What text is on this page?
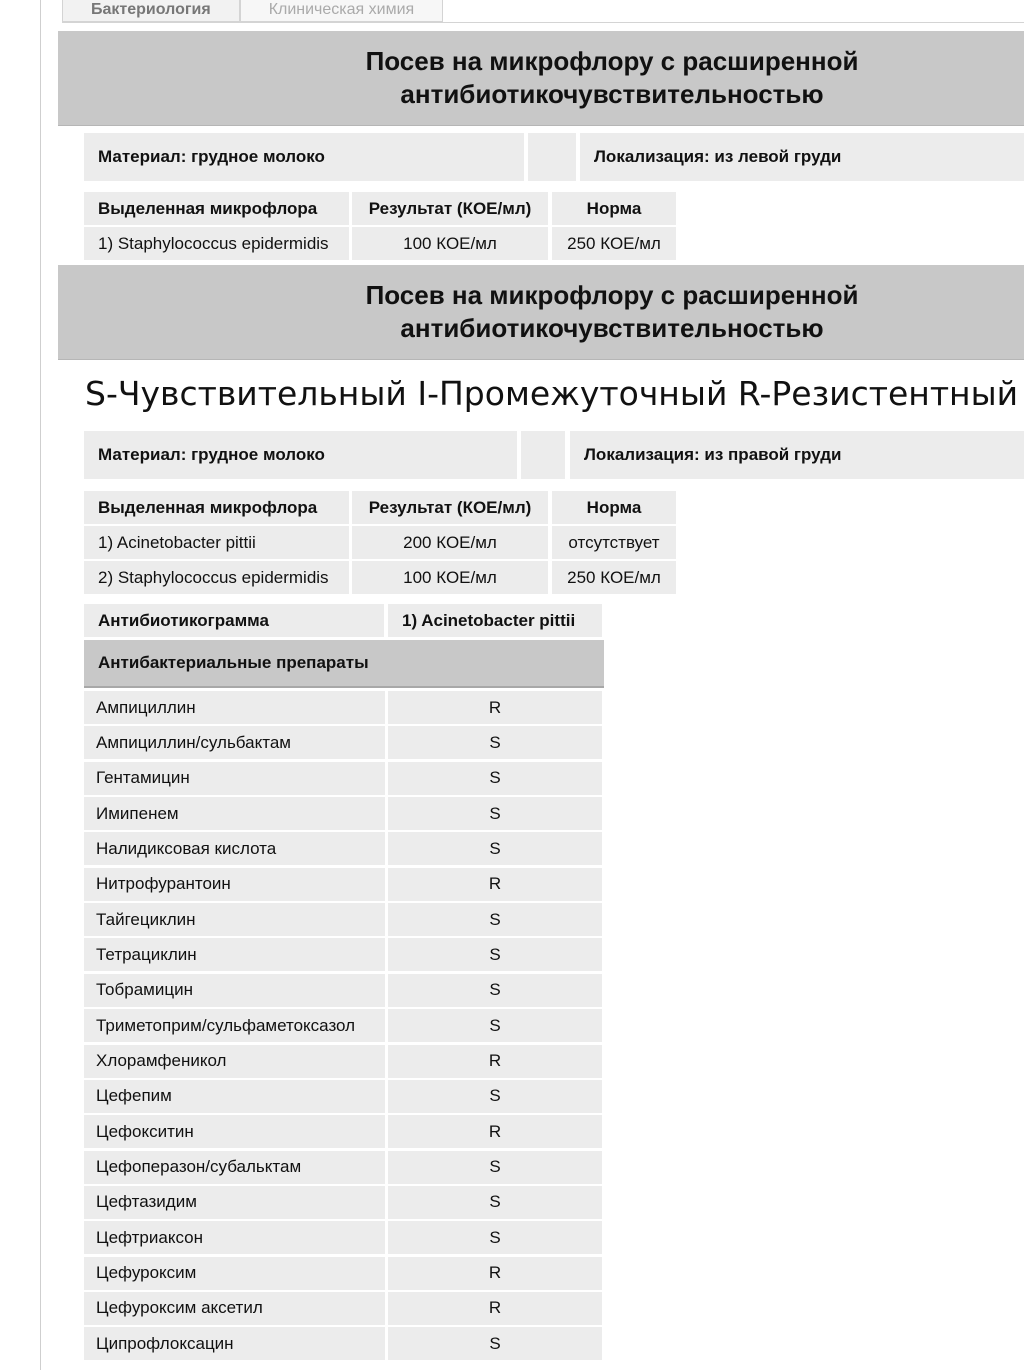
Бактериология	Клиническая химия
Посев на микрофлору с расширенной
антибиотикочувствительностью
Материал: грудное молоко	Локализация: из левой груди
Выделенная микрофлора	Результат (КОЕ/мл)	Норма
1) Staphylococcus epidermidis	100 КОЕ/мл	250 КОЕ/мл
Посев на микрофлору с расширенной
антибиотикочувствительностью
S-Чувствительный I-Промежуточный R-Резистентный
Материал: грудное молоко	Локализация: из правой груди
Выделенная микрофлора	Результат (КОЕ/мл)	Норма
1) Acinetobacter pittii	200 КОЕ/мл	отсутствует
2) Staphylococcus epidermidis	100 КОЕ/мл	250 КОЕ/мл
Антибиотикограмма	1) Acinetobacter pittii
Антибактериальные препараты
Ампициллин	R
Ампициллин/сульбактам	S
Гентамицин	S
Имипенем	S
Налидиксовая кислота	S
Нитрофурантоин	R
Тайгециклин	S
Тетрациклин	S
Тобрамицин	S
Триметоприм/сульфаметоксазол	S
Хлорамфеникол	R
Цефепим	S
Цефокситин	R
Цефоперазон/субальктам	S
Цефтазидим	S
Цефтриаксон	S
Цефуроксим	R
Цефуроксим аксетил	R
Ципрофлоксацин	S
